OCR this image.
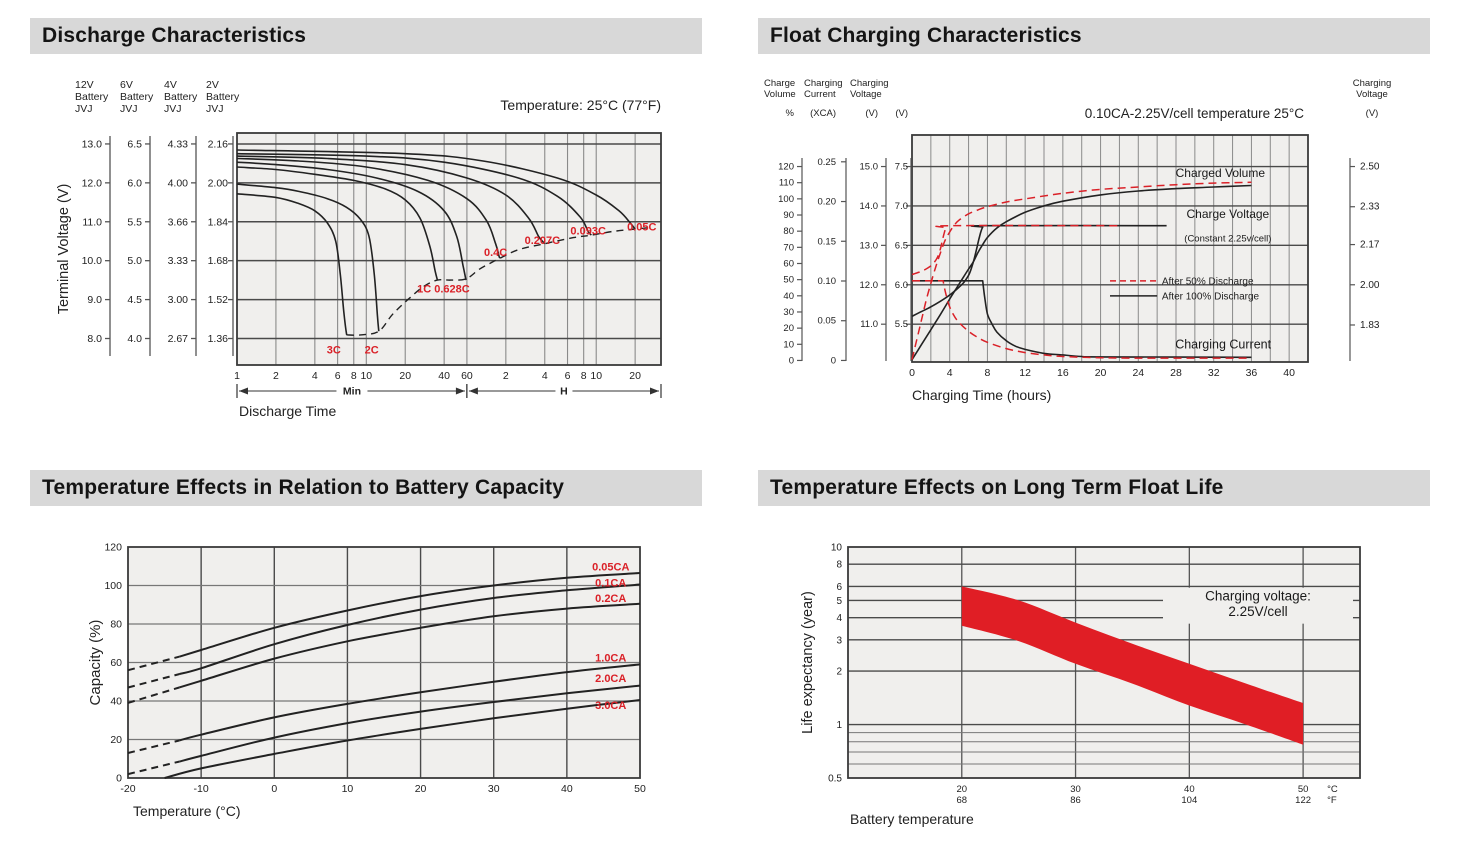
Discharge Characteristics
12V
Battery
JVJ
13.0
12.0
11.0
10.0
9.0
8.0
6V
Battery
JVJ
6.5
6.0
5.5
5.0
4.5
4.0
4V
Battery
JVJ
4.33
4.00
3.66
3.33
3.00
2.67
2V
Battery
JVJ
2.16
2.00
1.84
1.68
1.52
1.36
Terminal Voltage (V)
Temperature: 25°C (77°F)
1	2	4 6 8 10	20	40 60	2	4 6 8 10	20
Min	H
Discharge Time
3C 2C
1C 0.628C
0.4C
0.207C
0.093C 0.05C
Float Charging Characteristics
Charge
Volume
%
0
10
20
30
40
50
60
70
80
90
100
110
120
Charging
Current
(XCA)
0
0.05
0.10
0.15
0.20
0.25
Charging
Voltage
(V)
11.0
12.0
13.0
14.0
15.0
(V)
5.5
6.0
6.5
7.0
7.5
Charging
Voltage
(V)
1.83
2.00
2.17
2.33
2.50
0.10CA-2.25V/cell temperature 25°C
0	4	8	12 16 20 24 28 32 36 40
Charging Time (hours)
Charged Volume
Charge Voltage
(Constant 2.25v/cell)
Charging Current
After 50% Discharge
After 100% Discharge
Temperature Effects in Relation to Battery Capacity
0
20
40
60
80
100
120
-20	-10	0	10	20	30	40	50
Capacity (%)
Temperature (°C)
0.05CA
0.1CA
0.2CA
1.0CA
2.0CA
3.0CA
Temperature Effects on Long Term Float Life
10
8
6
5
4
3
2
1
0.5
20
68
30
86
40
104
50
122
°C
°F
Life expectancy (year)
Battery temperature
Charging voltage:
2.25V/cell
